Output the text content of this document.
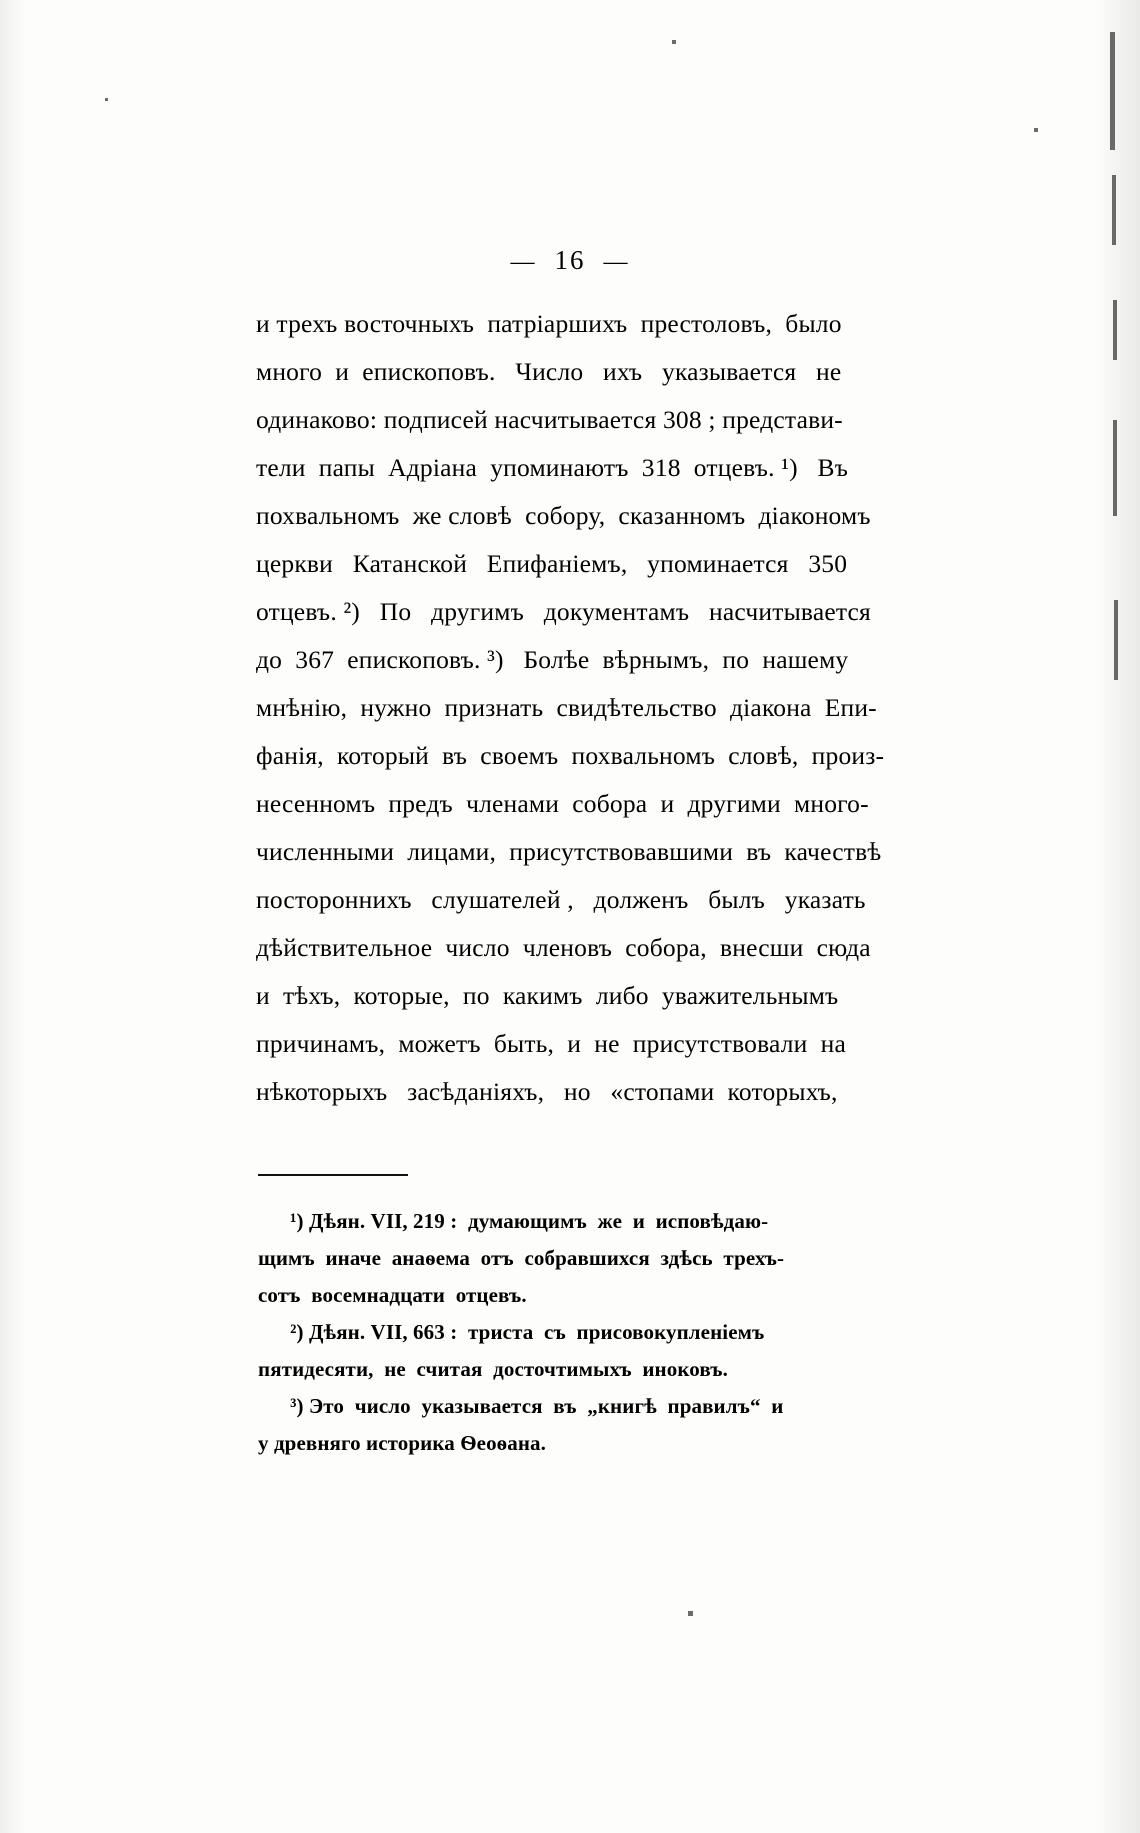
— 16 —
и трехъ восточныхъ  патріаршихъ  престоловъ,  было
много  и  епископовъ.   Число   ихъ   указывается   не
одинаково: подписей насчитывается 308 ; представи-
тели  папы  Адріана  упоминаютъ  318  отцевъ. ¹)   Въ
похвальномъ  же словѣ  собору,  сказанномъ  діакономъ
церкви   Катанской   Епифаніемъ,   упоминается   350
отцевъ. ²)   По   другимъ   документамъ   насчитывается
до  367  епископовъ. ³)   Болѣе  вѣрнымъ,  по  нашему
мнѣнію,  нужно  признать  свидѣтельство  діакона  Епи-
фанія,  который  въ  своемъ  похвальномъ  словѣ,  произ-
несенномъ  предъ  членами  собора  и  другими  много-
численными  лицами,  присутствовавшими  въ  качествѣ
постороннихъ   слушателей ,   долженъ   былъ   указать
дѣйствительное  число  членовъ  собора,  внесши  сюда
и  тѣхъ,  которые,  по  какимъ  либо  уважительнымъ
причинамъ,  можетъ  быть,  и  не  присутствовали  на
нѣкоторыхъ   засѣданіяхъ,   но   «стопами  которыхъ,
¹) Дѣян. VII, 219 :  думающимъ  же  и  исповѣдаю-
щимъ  иначе  анаѳема  отъ  собравшихся  здѣсь  трехъ-
сотъ  восемнадцати  отцевъ.
²) Дѣян. VII, 663 :  триста  съ  присовокупленіемъ
пятидесяти,  не  считая  досточтимыхъ  иноковъ.
³) Это  число  указывается  въ  „книгѣ  правилъ“  и
у древняго историка Ѳеоѳана.
